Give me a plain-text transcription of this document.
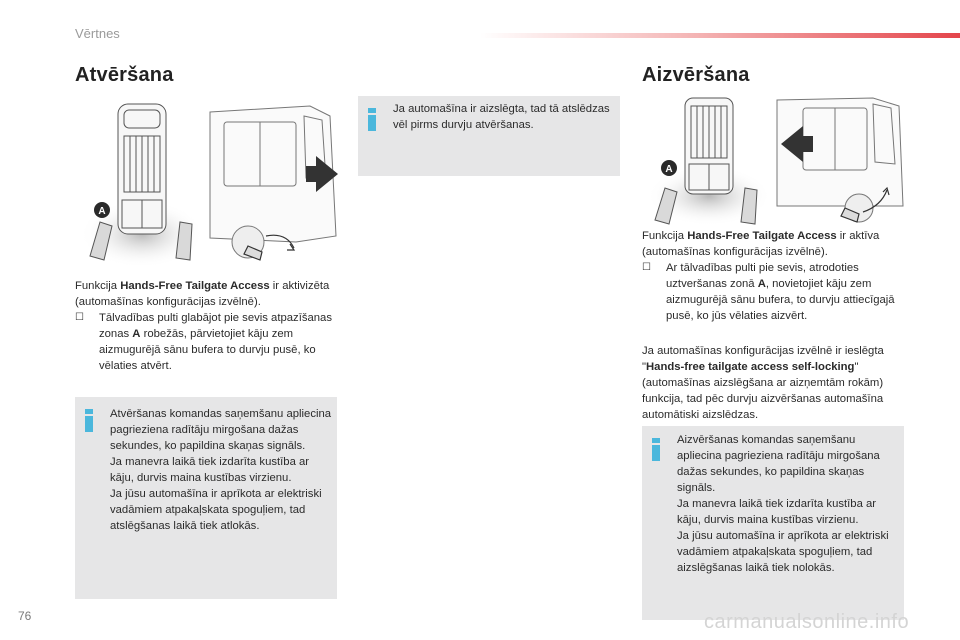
Vērtnes
Atvēršana	Aizvēršana
A
A

Funkcija Hands-Free Tailgate Access ir aktivizēta (automašīnas konfigurācijas izvēlnē).

☐ Tālvadības pulti glabājot pie sevis atpazīšanas zonas A robežās, pārvietojiet kāju zem aizmugurējā sānu bufera to durvju pusē, ko vēlaties atvērt.

Ja automašīna ir aizslēgta, tad tā atslēdzas vēl pirms durvju atvēršanas.

Atvēršanas komandas saņemšanu apliecina pagrieziena radītāju mirgošana dažas sekundes, ko papildina skaņas signāls.
Ja manevra laikā tiek izdarīta kustība ar kāju, durvis maina kustības virzienu.
Ja jūsu automašīna ir aprīkota ar elektriski vadāmiem atpakaļskata spoguļiem, tad atslēgšanas laikā tiek atlokās.

Funkcija Hands-Free Tailgate Access ir aktīva (automašīnas konfigurācijas izvēlnē).

☐ Ar tālvadības pulti pie sevis, atrodoties uztveršanas zonā A, novietojiet kāju zem aizmugurējā sānu bufera, to durvju attiecīgajā pusē, ko jūs vēlaties aizvērt.

Ja automašīnas konfigurācijas izvēlnē ir ieslēgta "Hands-free tailgate access self-locking" (automašīnas aizslēgšana ar aizņemtām rokām) funkcija, tad pēc durvju aizvēršanas automašīna automātiski aizslēdzas.

Aizvēršanas komandas saņemšanu apliecina pagrieziena radītāju mirgošana dažas sekundes, ko papildina skaņas signāls.
Ja manevra laikā tiek izdarīta kustība ar kāju, durvis maina kustības virzienu.
Ja jūsu automašīna ir aprīkota ar elektriski vadāmiem atpakaļskata spoguļiem, tad aizslēgšanas laikā tiek nolokās.

76	carmanualsonline.info
